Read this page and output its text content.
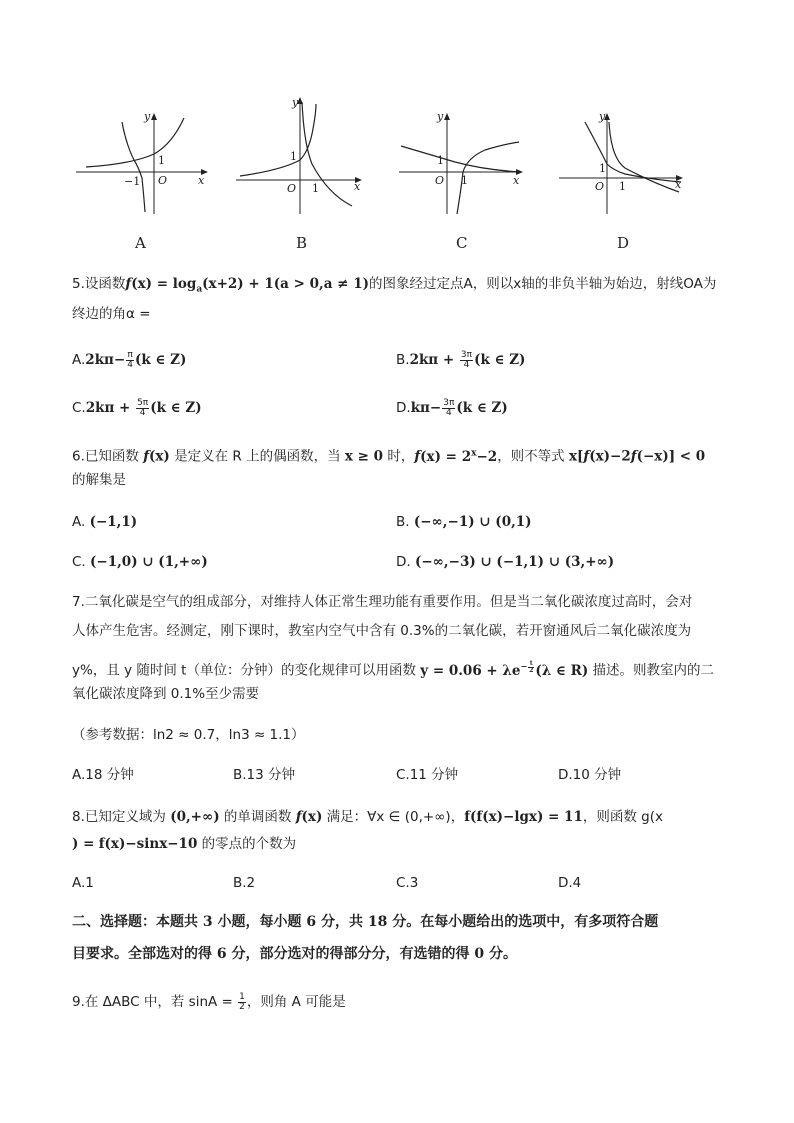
y
x
O
−1
1
y
x
O
1
1
y
x
O
1
1
y
x
O
1
1
A	B	C	D
5.设函数$f(x) = \log_a(x+2) + 1(a > 0,a \ne 1)$的图象经过定点A，则以x轴的非负半轴为始边，射线OA为
终边的角α =
$A.2k\pi- \frac{\pi}{4} (k$ ∈ Z)	$B.2k\pi + \frac{3\pi}{4} (k$ ∈ Z)
$C.2k\pi + \frac{5\pi}{4} (k$ ∈ Z)	$D.k\pi- \frac{3\pi}{4} (k$ ∈ Z)
6.已知函数 f(x) 是定义在 R 上的偶函数，当 x ≥ 0 时，$f(x) = 2^x-2$，则不等式 x[f(x)−2f(−x)] < 0
的解集是
A. (−1,1)	B. (−∞,−1) ∪ (0,1)
C. (−1,0) ∪ (1,+∞)	D. (−∞,−3) ∪ (−1,1) ∪ (3,+∞)
7.二氧化碳是空气的组成部分，对维持人体正常生理功能有重要作用。但是当二氧化碳浓度过高时，会对
人体产生危害。经测定，刚下课时，教室内空气中含有 0.3%的二氧化碳，若开窗通风后二氧化碳浓度为
y%，且 y 随时间 t（单位：分钟）的变化规律可以用函数 $y = 0.06 + \lambda e^{- \frac{t}{2}}$ (λ ∈ R) 描述。则教室内的二
氧化碳浓度降到 0.1%至少需要
（参考数据：ln2 ≈ 0.7，ln3 ≈ 1.1）
A.18 分钟	B.13 分钟	C.11 分钟	D.10 分钟
8.已知定义域为 (0,+∞) 的单调函数 f(x) 满足：∀x ∈ (0,+∞)，f(f(x)−lgx) = 11，则函数 g(x
) = f(x)−sinx−10 的零点的个数为
A.1	B.2	C.3	D.4
二、选择题：本题共 3 小题，每小题 6 分，共 18 分。在每小题给出的选项中，有多项符合题
目要求。全部选对的得 6 分，部分选对的得部分分，有选错的得 0 分。
9.在 ΔABC 中，若 $\sin A = \frac{1}{2}$ ，则角 A 可能是
